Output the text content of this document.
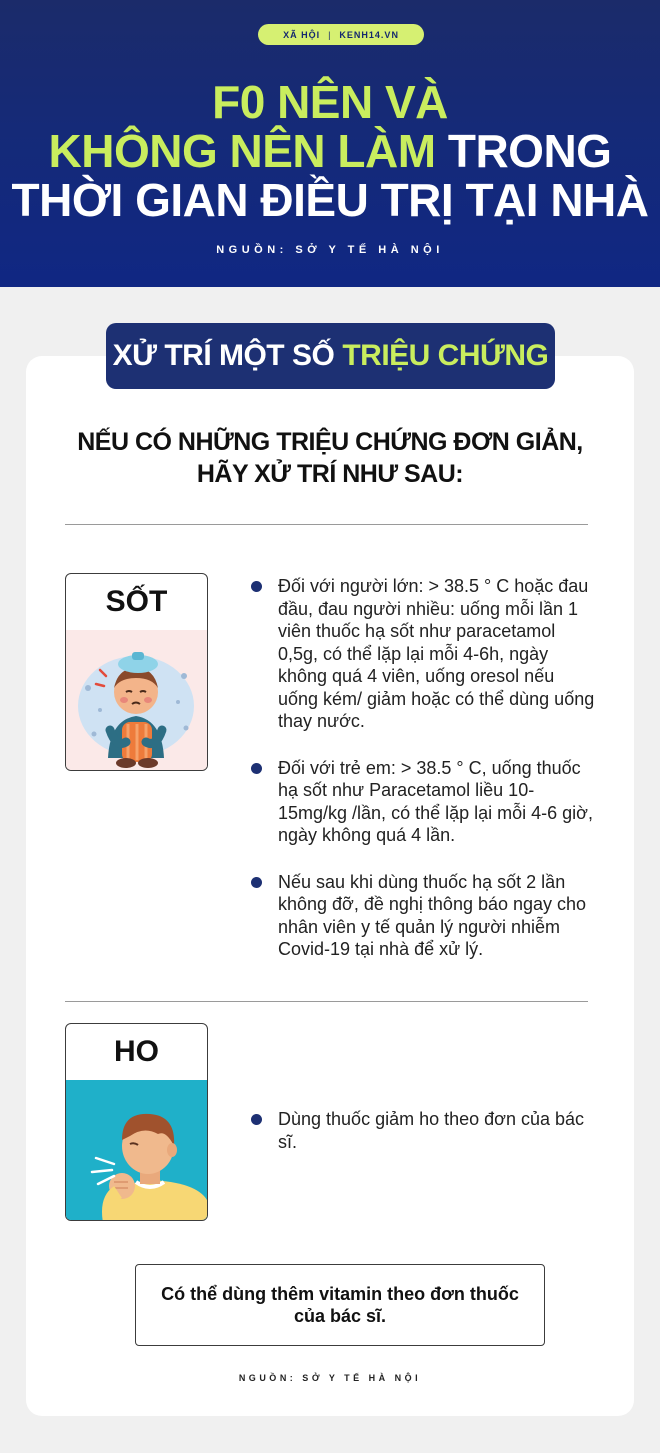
XÃ HỘI | KENH14.VN
F0 NÊN VÀ
KHÔNG NÊN LÀM TRONG
THỜI GIAN ĐIỀU TRỊ TẠI NHÀ
NGUỒN: SỞ Y TẾ HÀ NỘI
XỬ TRÍ MỘT SỐ TRIỆU CHỨNG
NẾU CÓ NHỮNG TRIỆU CHỨNG ĐƠN GIẢN,
HÃY XỬ TRÍ NHƯ SAU:
SỐT	Đối với người lớn: > 38.5 ° C hoặc đau đầu, đau người nhiều: uống mỗi lần 1 viên thuốc hạ sốt như paracetamol 0,5g, có thể lặp lại mỗi 4-6h, ngày không quá 4 viên, uống oresol nếu uống kém/ giảm hoặc có thể dùng uống thay nước.
Đối với trẻ em: > 38.5 ° C, uống thuốc hạ sốt như Paracetamol liều 10-15mg/kg /lần, có thể lặp lại mỗi 4-6 giờ, ngày không quá 4 lần.
Nếu sau khi dùng thuốc hạ sốt 2 lần không đỡ, đề nghị thông báo ngay cho nhân viên y tế quản lý người nhiễm Covid-19 tại nhà để xử lý.
HO
Dùng thuốc giảm ho theo đơn của bác sĩ.
Có thể dùng thêm vitamin theo đơn thuốc của bác sĩ.
NGUỒN: SỞ Y TẾ HÀ NỘI
